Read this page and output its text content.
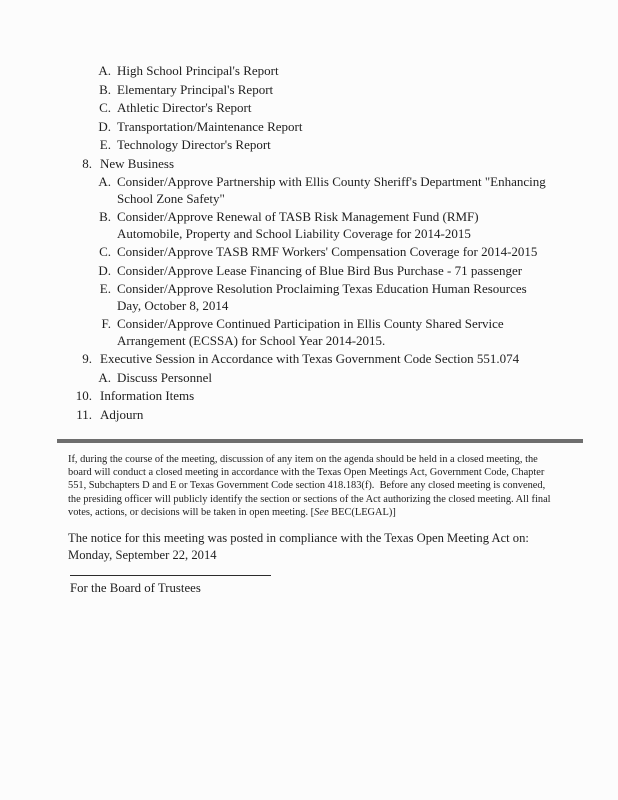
A. High School Principal's Report
B. Elementary Principal's Report
C. Athletic Director's Report
D. Transportation/Maintenance Report
E. Technology Director's Report
8. New Business
A. Consider/Approve Partnership with Ellis County Sheriff's Department "Enhancing
School Zone Safety"
B. Consider/Approve Renewal of TASB Risk Management Fund (RMF)
Automobile, Property and School Liability Coverage for 2014-2015
C. Consider/Approve TASB RMF Workers' Compensation Coverage for 2014-2015
D. Consider/Approve Lease Financing of Blue Bird Bus Purchase - 71 passenger
E. Consider/Approve Resolution Proclaiming Texas Education Human Resources
Day, October 8, 2014
F. Consider/Approve Continued Participation in Ellis County Shared Service
Arrangement (ECSSA) for School Year 2014-2015.
9. Executive Session in Accordance with Texas Government Code Section 551.074
A. Discuss Personnel
10. Information Items
11. Adjourn
If, during the course of the meeting, discussion of any item on the agenda should be held in a closed meeting, the
board will conduct a closed meeting in accordance with the Texas Open Meetings Act, Government Code, Chapter
551, Subchapters D and E or Texas Government Code section 418.183(f).  Before any closed meeting is convened,
the presiding officer will publicly identify the section or sections of the Act authorizing the closed meeting. All final
votes, actions, or decisions will be taken in open meeting. [See BEC(LEGAL)]
The notice for this meeting was posted in compliance with the Texas Open Meeting Act on:
Monday, September 22, 2014
For the Board of Trustees
